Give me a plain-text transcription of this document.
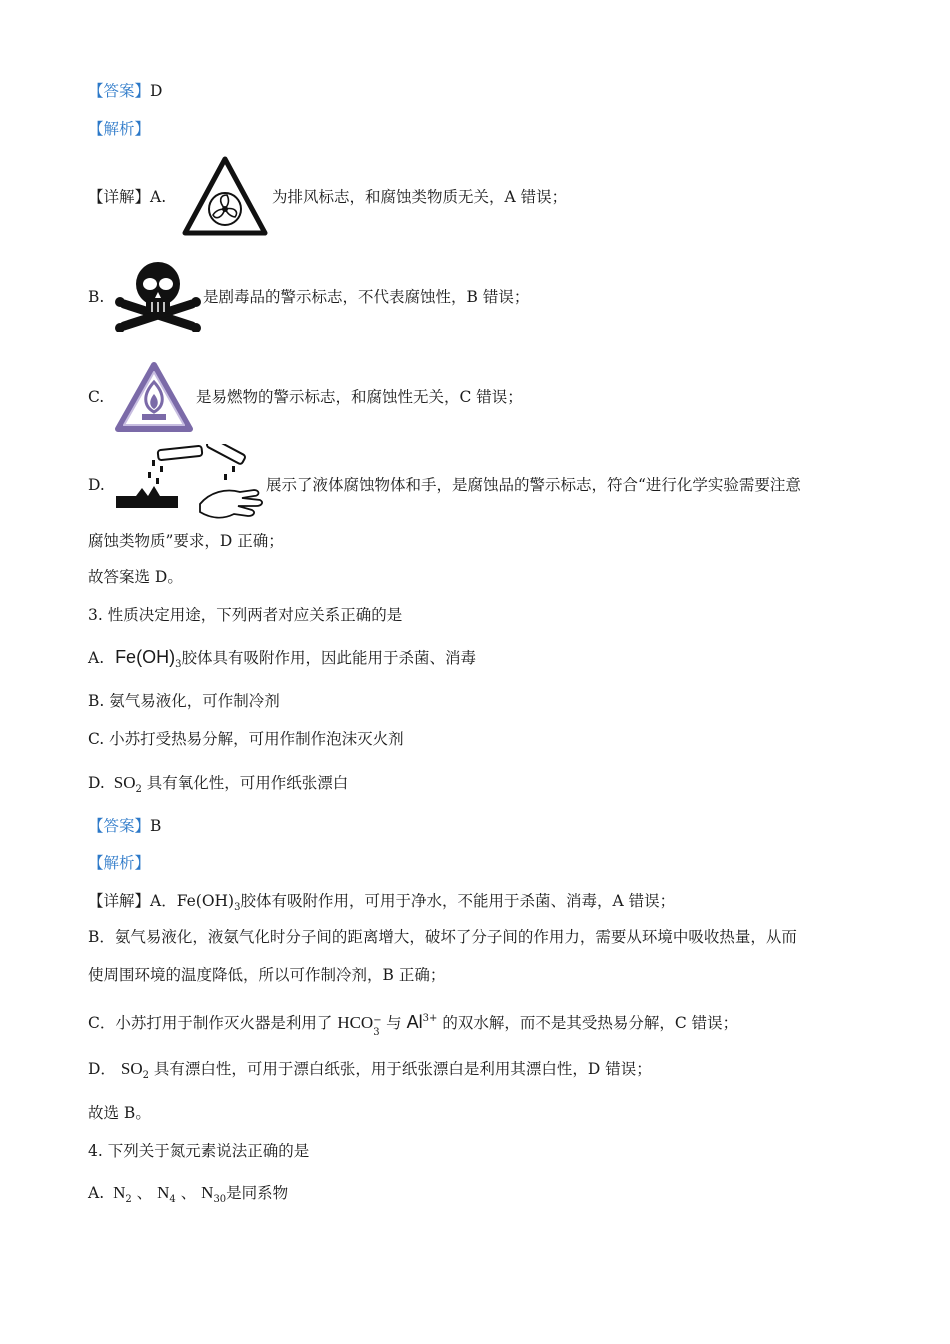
【答案】D
【解析】
【详解】A.	为排风标志，和腐蚀类物质无关，A 错误；
B.	是剧毒品的警示标志，不代表腐蚀性，B 错误；
C.	是易燃物的警示标志，和腐蚀性无关，C 错误；
D.	展示了液体腐蚀物体和手，是腐蚀品的警示标志，符合“进行化学实验需要注意
腐蚀类物质”要求，D 正确；
故答案选 D。
3. 性质决定用途，下列两者对应关系正确的是
A. $Fe(OH)_3$胶体具有吸附作用，因此能用于杀菌、消毒
B. 氨气易液化，可作制冷剂
C. 小苏打受热易分解，可用作制作泡沫灭火剂
D. $SO_2$ 具有氧化性，可用作纸张漂白
【答案】B
【解析】
【详解】A．$Fe(OH)_3$胶体有吸附作用，可用于净水，不能用于杀菌、消毒，A 错误；
B．氨气易液化，液氨气化时分子间的距离增大，破坏了分子间的作用力，需要从环境中吸收热量，从而
使周围环境的温度降低，所以可作制冷剂，B 正确；
C．小苏打用于制作灭火器是利用了 HCO −
3
与 $Al^{3+}$ 的双水解，而不是其受热易分解，C 错误；
D． $SO_2$ 具有漂白性，可用于漂白纸张，用于纸张漂白是利用其漂白性，D 错误；
故选 B。
4. 下列关于氮元素说法正确的是
A. $N_2$ 、 $N_4$ 、 $N_{30}$是同系物
